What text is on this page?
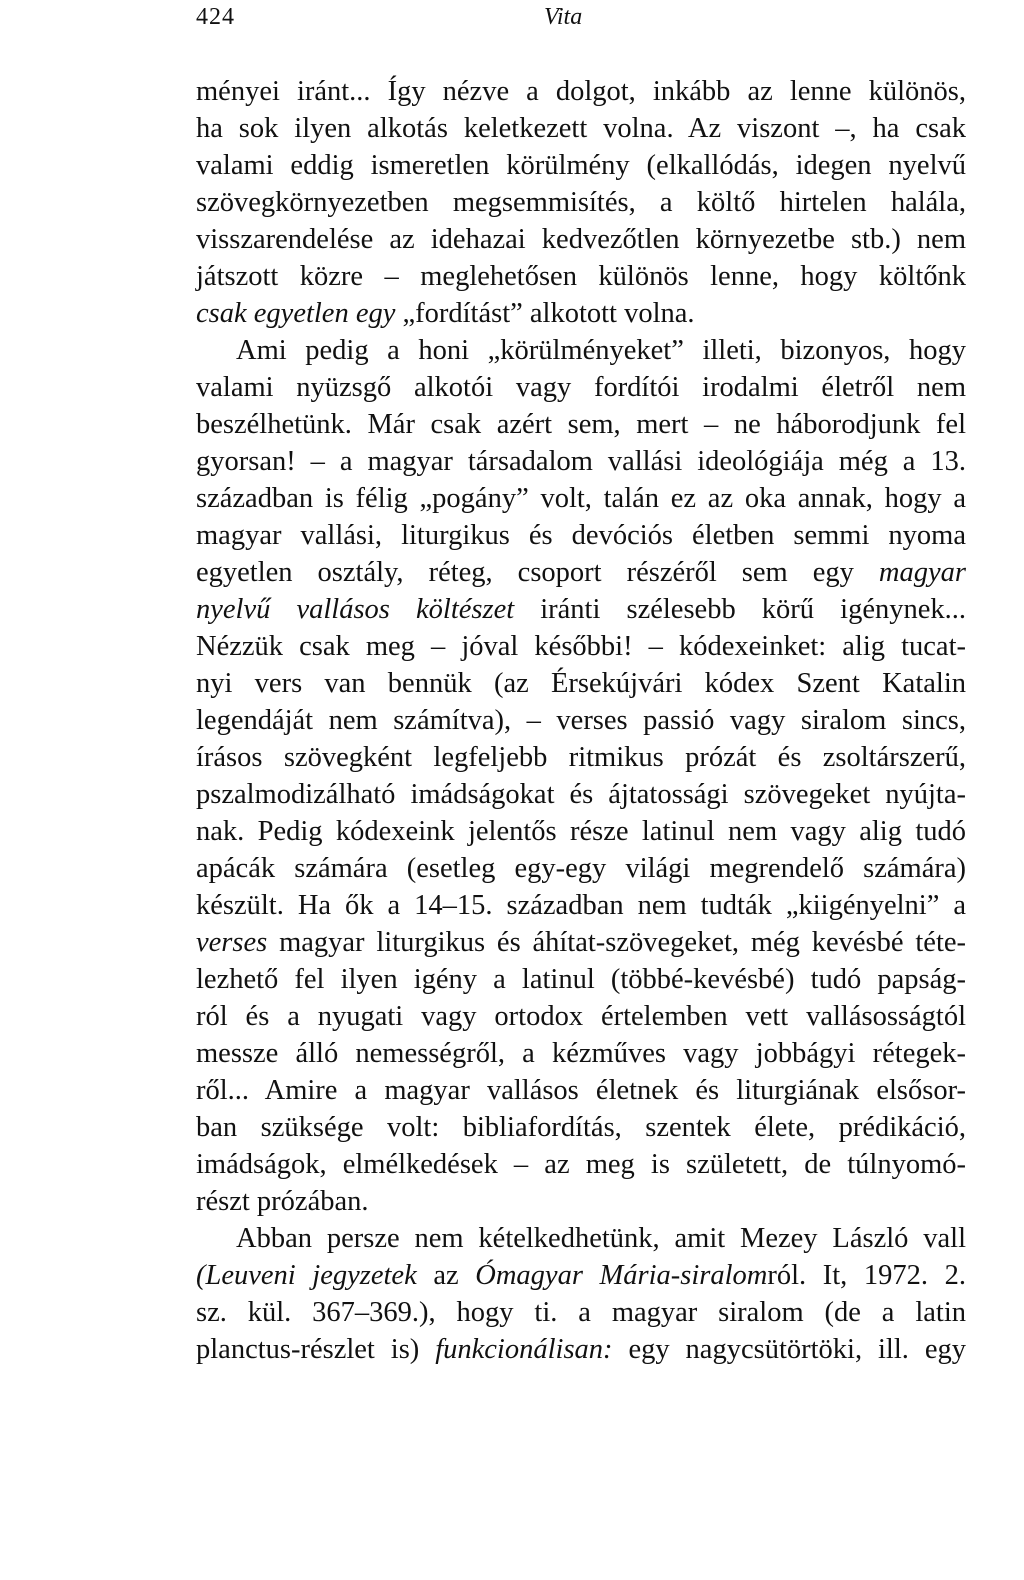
424	Vita
ményei iránt... Így nézve a dolgot, inkább az lenne különös,
ha sok ilyen alkotás keletkezett volna. Az viszont –, ha csak
valami eddig ismeretlen körülmény (elkallódás, idegen nyelvű
szövegkörnyezetben megsemmisítés, a költő hirtelen halála,
visszarendelése az idehazai kedvezőtlen környezetbe stb.) nem
játszott közre – meglehetősen különös lenne, hogy költőnk
csak egyetlen egy „fordítást” alkotott volna.
Ami pedig a honi „körülményeket” illeti, bizonyos, hogy
valami nyüzsgő alkotói vagy fordítói irodalmi életről nem
beszélhetünk. Már csak azért sem, mert – ne háborodjunk fel
gyorsan! – a magyar társadalom vallási ideológiája még a 13.
században is félig „pogány” volt, talán ez az oka annak, hogy a
magyar vallási, liturgikus és devóciós életben semmi nyoma
egyetlen osztály, réteg, csoport részéről sem egy magyar
nyelvű vallásos költészet iránti szélesebb körű igénynek...
Nézzük csak meg – jóval későbbi! – kódexeinket: alig tucat-
nyi vers van bennük (az Érsekújvári kódex Szent Katalin
legendáját nem számítva), – verses passió vagy siralom sincs,
írásos szövegként legfeljebb ritmikus prózát és zsoltárszerű,
pszalmodizálható imádságokat és ájtatossági szövegeket nyújta-
nak. Pedig kódexeink jelentős része latinul nem vagy alig tudó
apácák számára (esetleg egy-egy világi megrendelő számára)
készült. Ha ők a 14–15. században nem tudták „kiigényelni” a
verses magyar liturgikus és áhítat-szövegeket, még kevésbé téte-
lezhető fel ilyen igény a latinul (többé-kevésbé) tudó papság-
ról és a nyugati vagy ortodox értelemben vett vallásosságtól
messze álló nemességről, a kézműves vagy jobbágyi rétegek-
ről... Amire a magyar vallásos életnek és liturgiának elsősor-
ban szüksége volt: bibliafordítás, szentek élete, prédikáció,
imádságok, elmélkedések – az meg is született, de túlnyomó-
részt prózában.
Abban persze nem kételkedhetünk, amit Mezey László vall
(Leuveni jegyzetek az Ómagyar Mária-siralomról. It, 1972. 2.
sz. kül. 367–369.), hogy ti. a magyar siralom (de a latin
planctus-részlet is) funkcionálisan: egy nagycsütörtöki, ill. egy
